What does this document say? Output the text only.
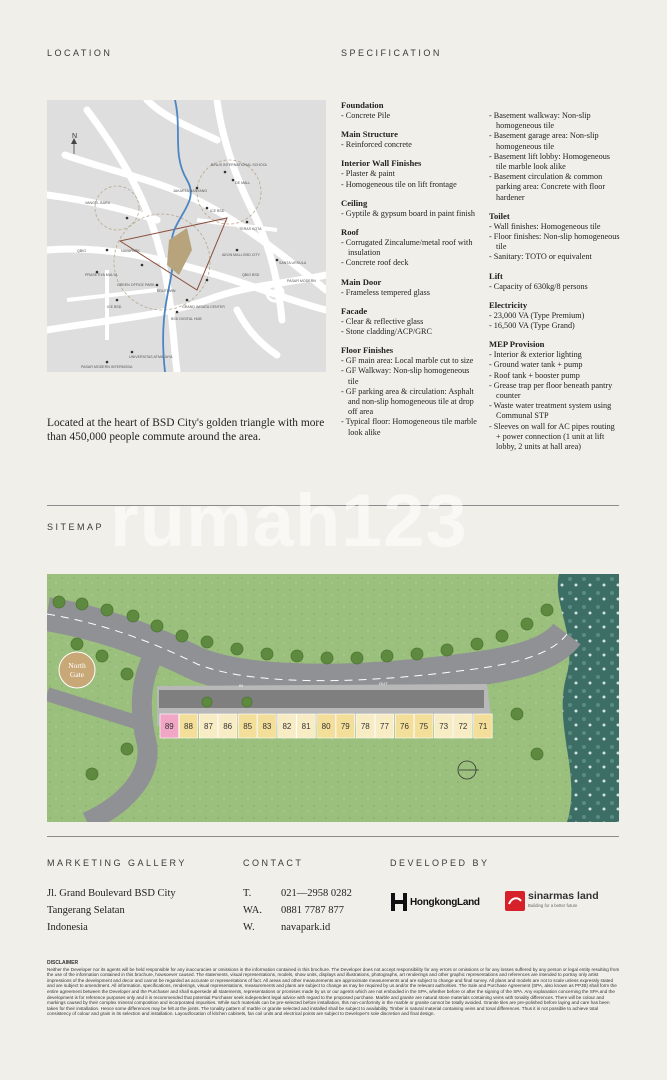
LOCATION
N
BINUS INTERNATIONAL SCHOOL
DE MALL
JAKARTA NANYANG
ICE BSD
TERAS KOTA
AEON MALL BSD CITY
SANTA URSULA
PASAR MODERN
VANGEL BARU
QBIG	NAVAPARK
PRASETIYA MULYA
ICE BSD
PASAR MODERN INTERMODA
UNIVERSITAS ATMA JAYA
BSD DIGITAL HUB
GREEN OFFICE PARK
EDUTOWN
QBIG BSD
GRAND WISATA CENTER
Located at the heart of BSD City's golden triangle with more than 450,000 people commute around the area.
SPECIFICATION
Foundation
- Concrete Pile
Main Structure
- Reinforced concrete
Interior Wall Finishes
- Plaster & paint
- Homogeneous tile on lift frontage
Ceiling
- Gyptile & gypsum board in paint finish
Roof
- Corrugated Zincalume/metal roof with insulation
- Concrete roof deck
Main Door
- Frameless tempered glass
Facade
- Clear & reflective glass
- Stone cladding/ACP/GRC
Floor Finishes
- GF main area: Local marble cut to size
- GF Walkway: Non-slip homogeneous tile
- GF parking area & circulation: Asphalt and non-slip homogeneous tile at drop off area
- Typical floor: Homogeneous tile marble look alike
- Basement walkway: Non-slip homogeneous tile
- Basement garage area: Non-slip homogeneous tile
- Basement lift lobby: Homogeneous tile marble look alike
- Basement circulation & common parking area: Concrete with floor hardener
Toilet
- Wall finishes: Homogeneous tile
- Floor finishes: Non-slip homogeneous tile
- Sanitary: TOTO or equivalent
Lift
- Capacity of 630kg/8 persons
Electricity
- 23,000 VA (Type Premium)
- 16,500 VA (Type Grand)
MEP Provision
- Interior & exterior lighting
- Ground water tank + pump
- Roof tank + booster pump
- Grease trap per floor beneath pantry counter
- Waste water treatment system using Communal STP
- Sleeves on wall for AC pipes routing + power connection (1 unit at lift lobby, 2 units at hall area)
rumah123
SITEMAP
North
Gate
IN	OUT
89 88 87 86 85 83 82 81 80 79 78 77 76 75 73 72 71
MARKETING GALLERY
Jl. Grand Boulevard BSD City
Tangerang Selatan
Indonesia
CONTACT
T.	021—2958 0282
WA.	0881 7787 877
W.	navapark.id
DEVELOPED BY
HongkongLand	sinarmas land
Building for a better future
DISCLAIMER
Neither the Developer nor its agents will be held responsible for any inaccuracies or omissions in the information contained in this brochure. The Developer does not accept responsibility for any errors or omissions or for any losses suffered by any person or legal entity resulting from the use of the information contained in this brochure, howsoever caused. The statements, visual representations, models, show units, displays and illustrations, photographs, art renderings and other graphic representations and references are intended to portray only artist impressions of the development and decor and cannot be regarded as accurate or representations of fact. All areas and other measurements are approximate measurements and are subject to change and final survey. All plans and models are not to scale unless expressly stated and are subject to amendment. All information, specifications, renderings, visual representations, measurements and plans are subject to change as may be required by us and/or the relevant authorities. The Sale and Purchase Agreement (SPA, also known as PPJB) shall form the entire agreement between the Developer and the Purchaser and shall supersede all statements, representations or promises made by us or our agents which are not embodied in the SPA, whether before or after the signing of the SPA. Any explanation concerning the SPA and the development is for reference purposes only and it is recommended that potential Purchaser seek independent legal advice with regard to the proposed purchase. Marble and granite are natural stone materials containing veins with tonality differences. There will be colour and markings caused by their complex mineral composition and incorporated impurities. While such materials can be pre-selected before installation, this non-conformity in the marble or granite cannot be totally avoided. Granite tiles are pre-polished before laying and care has been taken for their installation. Hence some differences may be felt at the joints. The tonality pattern of marble or granite selected and installed shall be subject to availability. Timber is natural material containing veins and tonal differences. Thus it is not possible to achieve total consistency of colour and grain in its selection and installation. Layout/location of kitchen cabinets, fan coil units and electrical points are subject to Developer's sole discretion and final design.
